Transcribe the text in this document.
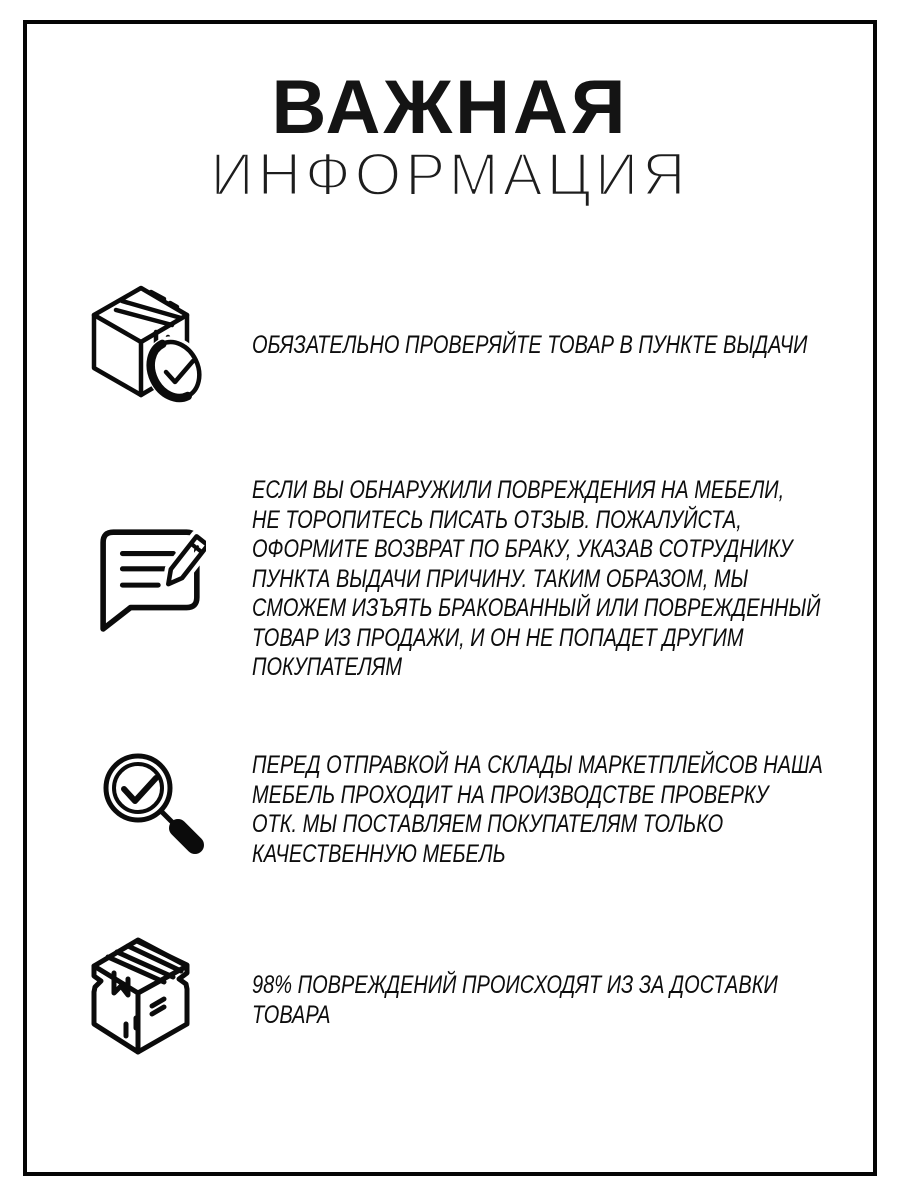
ВАЖНАЯ
ИНФОРМАЦИЯ
ОБЯЗАТЕЛЬНО ПРОВЕРЯЙТЕ ТОВАР В ПУНКТЕ ВЫДАЧИ
ЕСЛИ ВЫ ОБНАРУЖИЛИ ПОВРЕЖДЕНИЯ НА МЕБЕЛИ,
НЕ ТОРОПИТЕСЬ ПИСАТЬ ОТЗЫВ. ПОЖАЛУЙСТА,
ОФОРМИТЕ ВОЗВРАТ ПО БРАКУ, УКАЗАВ СОТРУДНИКУ
ПУНКТА ВЫДАЧИ ПРИЧИНУ. ТАКИМ ОБРАЗОМ, МЫ
СМОЖЕМ ИЗЪЯТЬ БРАКОВАННЫЙ ИЛИ ПОВРЕЖДЕННЫЙ
ТОВАР ИЗ ПРОДАЖИ, И ОН НЕ ПОПАДЕТ ДРУГИМ
ПОКУПАТЕЛЯМ
ПЕРЕД ОТПРАВКОЙ НА СКЛАДЫ МАРКЕТПЛЕЙСОВ НАША
МЕБЕЛЬ ПРОХОДИТ НА ПРОИЗВОДСТВЕ ПРОВЕРКУ
ОТК. МЫ ПОСТАВЛЯЕМ ПОКУПАТЕЛЯМ ТОЛЬКО
КАЧЕСТВЕННУЮ МЕБЕЛЬ
98% ПОВРЕЖДЕНИЙ ПРОИСХОДЯТ ИЗ ЗА ДОСТАВКИ
ТОВАРА
